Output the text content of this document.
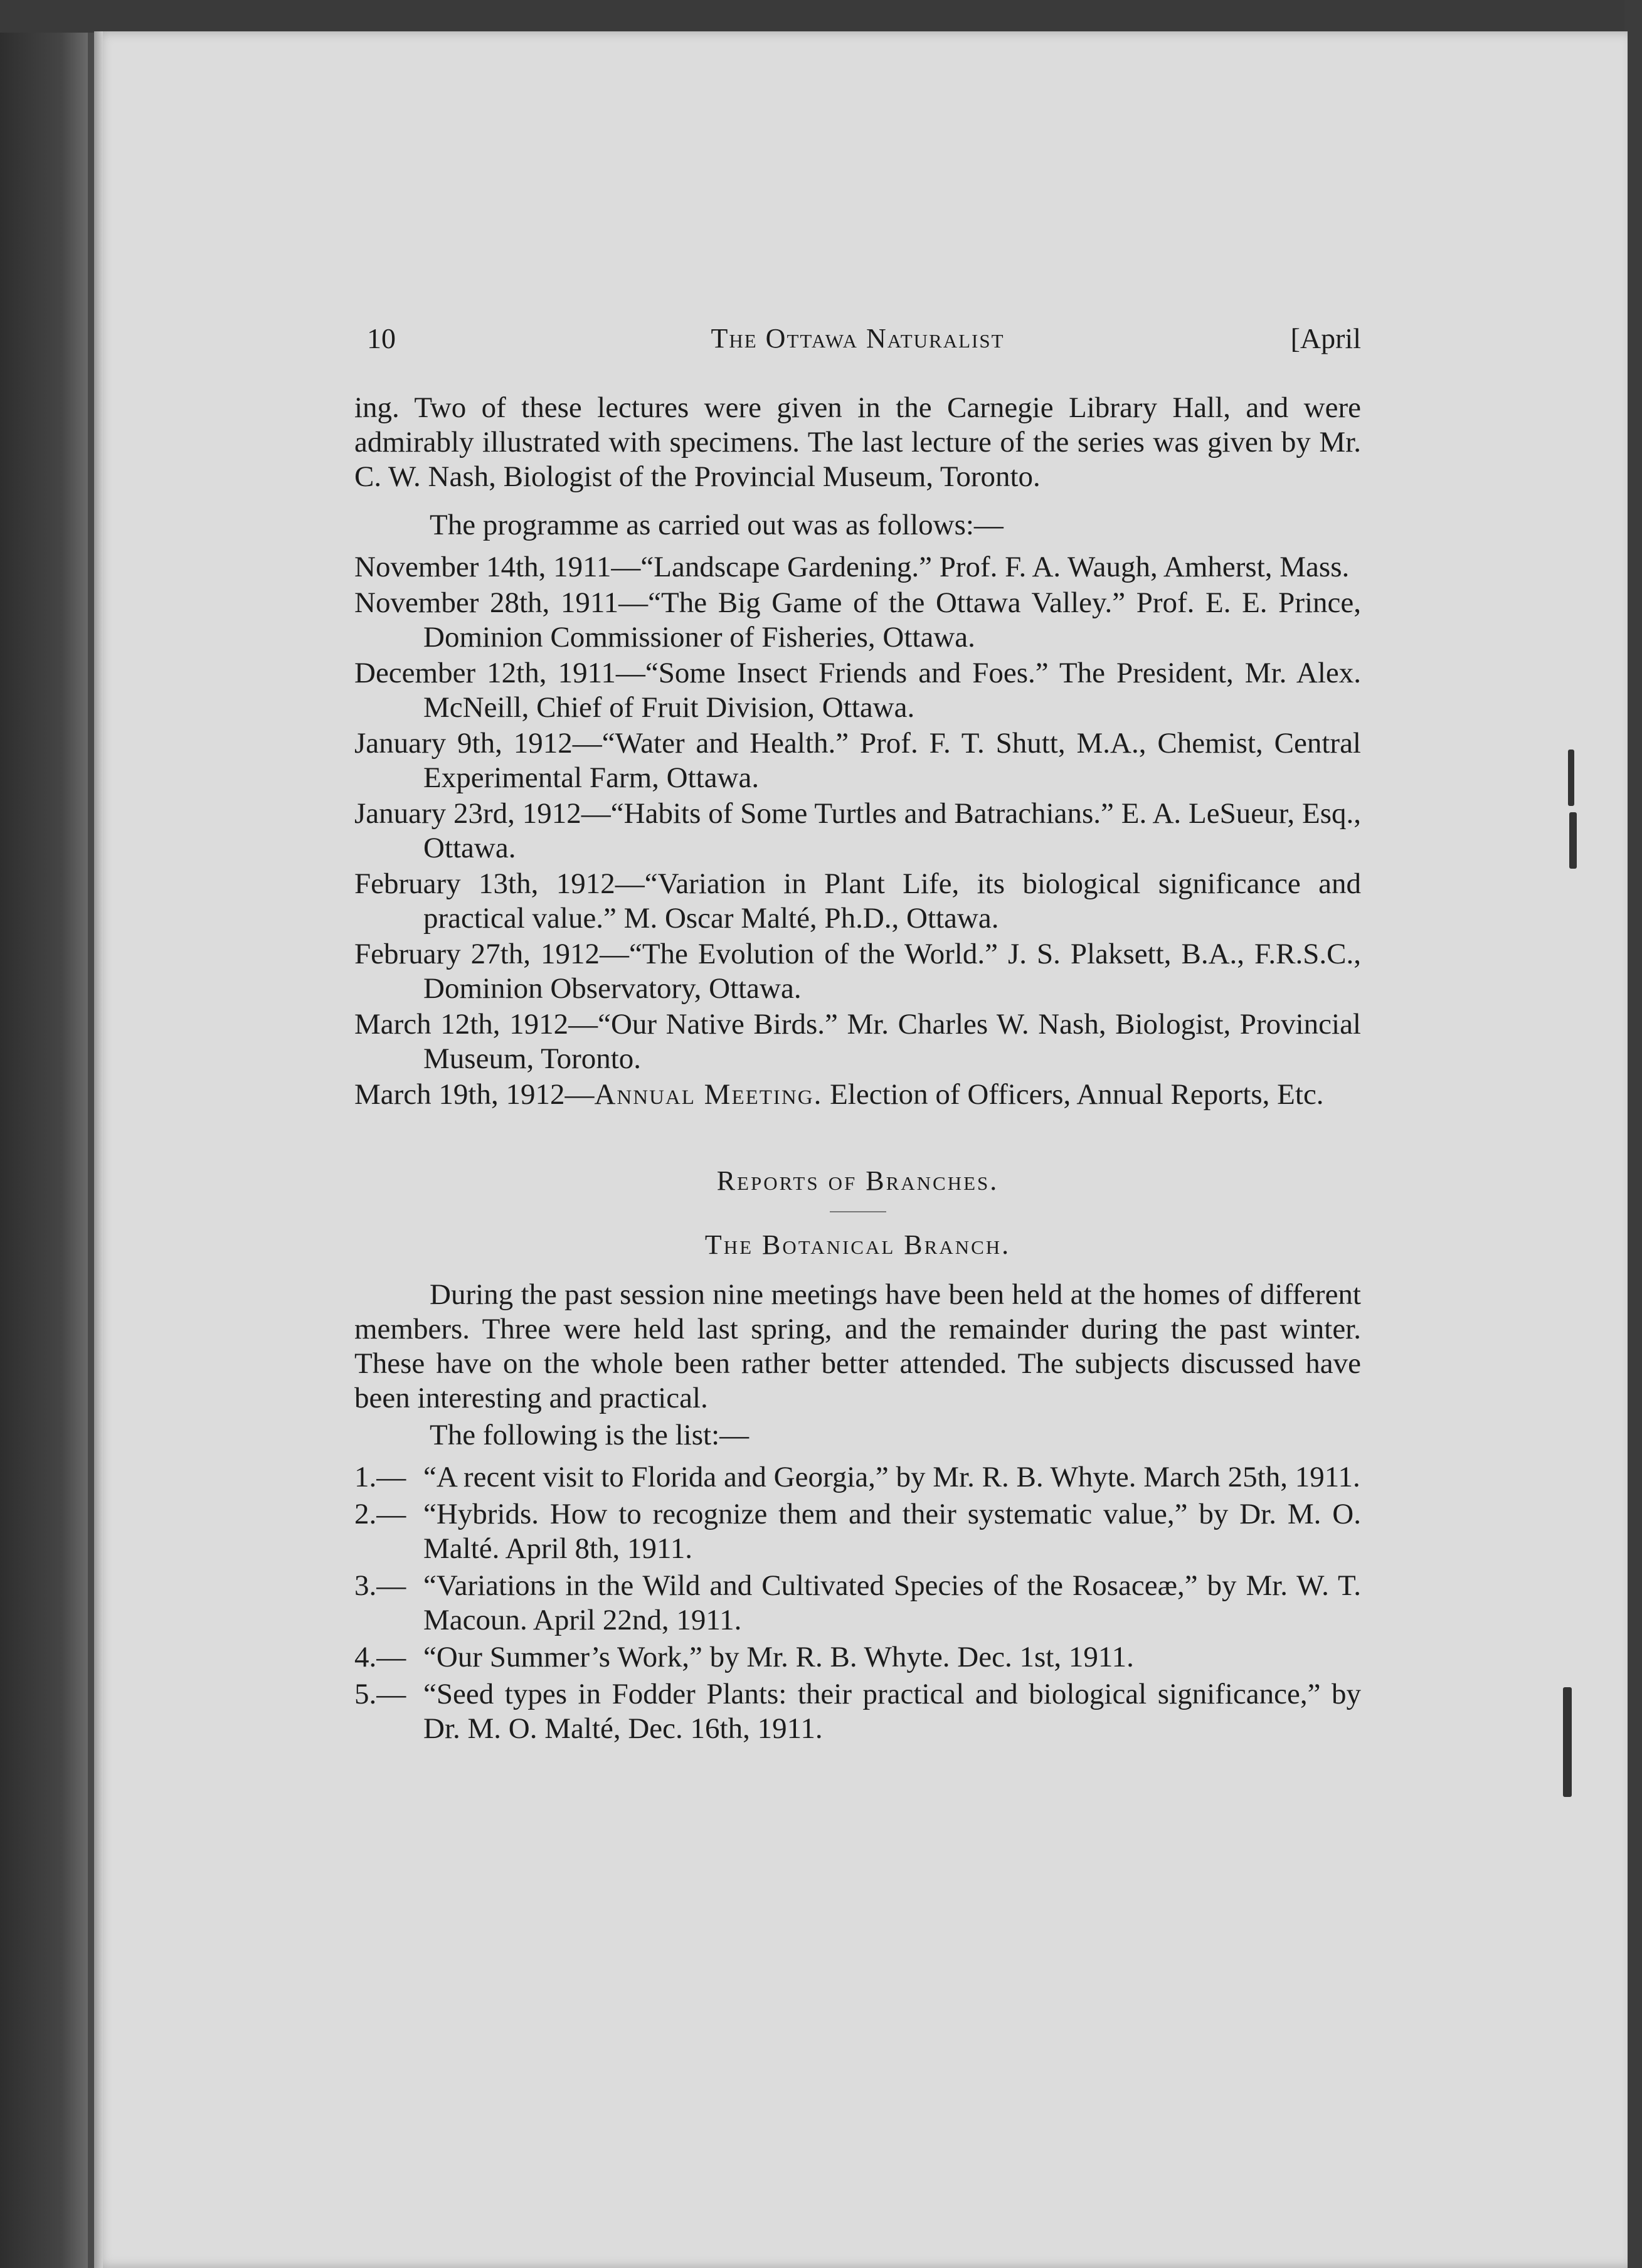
10	The Ottawa Naturalist	[April

ing. Two of these lectures were given in the Carnegie Library Hall, and were admirably illustrated with specimens. The last lecture of the series was given by Mr. C. W. Nash, Biologist of the Provincial Museum, Toronto.

The programme as carried out was as follows:—

November 14th, 1911—“Landscape Gardening.” Prof. F. A. Waugh, Amherst, Mass.
November 28th, 1911—“The Big Game of the Ottawa Valley.” Prof. E. E. Prince, Dominion Commissioner of Fisheries, Ottawa.
December 12th, 1911—“Some Insect Friends and Foes.” The President, Mr. Alex. McNeill, Chief of Fruit Division, Ottawa.
January 9th, 1912—“Water and Health.” Prof. F. T. Shutt, M.A., Chemist, Central Experimental Farm, Ottawa.
January 23rd, 1912—“Habits of Some Turtles and Batrachians.” E. A. LeSueur, Esq., Ottawa.
February 13th, 1912—“Variation in Plant Life, its biological significance and practical value.” M. Oscar Malté, Ph.D., Ottawa.
February 27th, 1912—“The Evolution of the World.” J. S. Plaksett, B.A., F.R.S.C., Dominion Observatory, Ottawa.
March 12th, 1912—“Our Native Birds.” Mr. Charles W. Nash, Biologist, Provincial Museum, Toronto.
March 19th, 1912—Annual Meeting. Election of Officers, Annual Reports, Etc.
Reports of Branches.
The Botanical Branch.

During the past session nine meetings have been held at the homes of different members. Three were held last spring, and the remainder during the past winter. These have on the whole been rather better attended. The subjects discussed have been interesting and practical.

The following is the list:—

1.— “A recent visit to Florida and Georgia,” by Mr. R. B. Whyte. March 25th, 1911.
2.— “Hybrids. How to recognize them and their systematic value,” by Dr. M. O. Malté. April 8th, 1911.
3.— “Variations in the Wild and Cultivated Species of the Rosaceæ,” by Mr. W. T. Macoun. April 22nd, 1911.
4.— “Our Summer’s Work,” by Mr. R. B. Whyte. Dec. 1st, 1911.
5.— “Seed types in Fodder Plants: their practical and biological significance,” by Dr. M. O. Malté, Dec. 16th, 1911.
